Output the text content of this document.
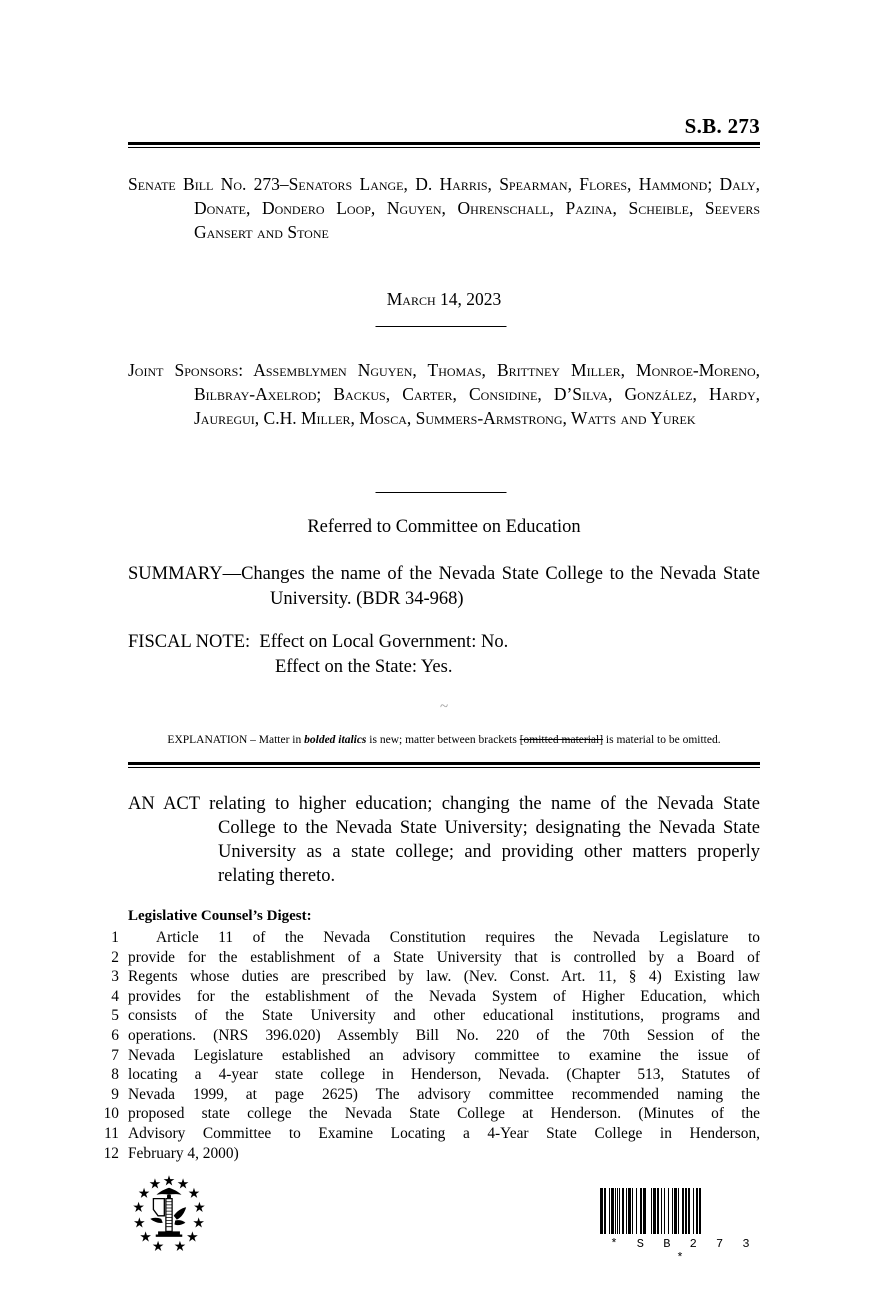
S.B. 273
Senate Bill No. 273–Senators Lange, D. Harris, Spearman, Flores, Hammond; Daly, Donate, Dondero Loop, Nguyen, Ohrenschall, Pazina, Scheible, Seevers Gansert and Stone
March 14, 2023
Joint Sponsors: Assemblymen Nguyen, Thomas, Brittney Miller, Monroe-Moreno, Bilbray-Axelrod; Backus, Carter, Considine, D’Silva, González, Hardy, Jauregui, C.H. Miller, Mosca, Summers-Armstrong, Watts and Yurek
Referred to Committee on Education
SUMMARY—Changes the name of the Nevada State College to the Nevada State University. (BDR 34-968)
FISCAL NOTE: Effect on Local Government: No.
Effect on the State: Yes.
~
EXPLANATION – Matter in bolded italics is new; matter between brackets [omitted material] is material to be omitted.
AN ACT relating to higher education; changing the name of the Nevada State College to the Nevada State University; designating the Nevada State University as a state college; and providing other matters properly relating thereto.
Legislative Counsel’s Digest:
1	Article 11 of the Nevada Constitution requires the Nevada Legislature to
2 provide for the establishment of a State University that is controlled by a Board of
3 Regents whose duties are prescribed by law. (Nev. Const. Art. 11, § 4) Existing law
4 provides for the establishment of the Nevada System of Higher Education, which
5 consists of the State University and other educational institutions, programs and
6 operations. (NRS 396.020) Assembly Bill No. 220 of the 70th Session of the
7 Nevada Legislature established an advisory committee to examine the issue of
8 locating a 4-year state college in Henderson, Nevada. (Chapter 513, Statutes of
9 Nevada 1999, at page 2625) The advisory committee recommended naming the
10 proposed state college the Nevada State College at Henderson. (Minutes of the
11 Advisory Committee to Examine Locating a 4-Year State College in Henderson,
12 February 4, 2000)
* S B 2 7 3 *
